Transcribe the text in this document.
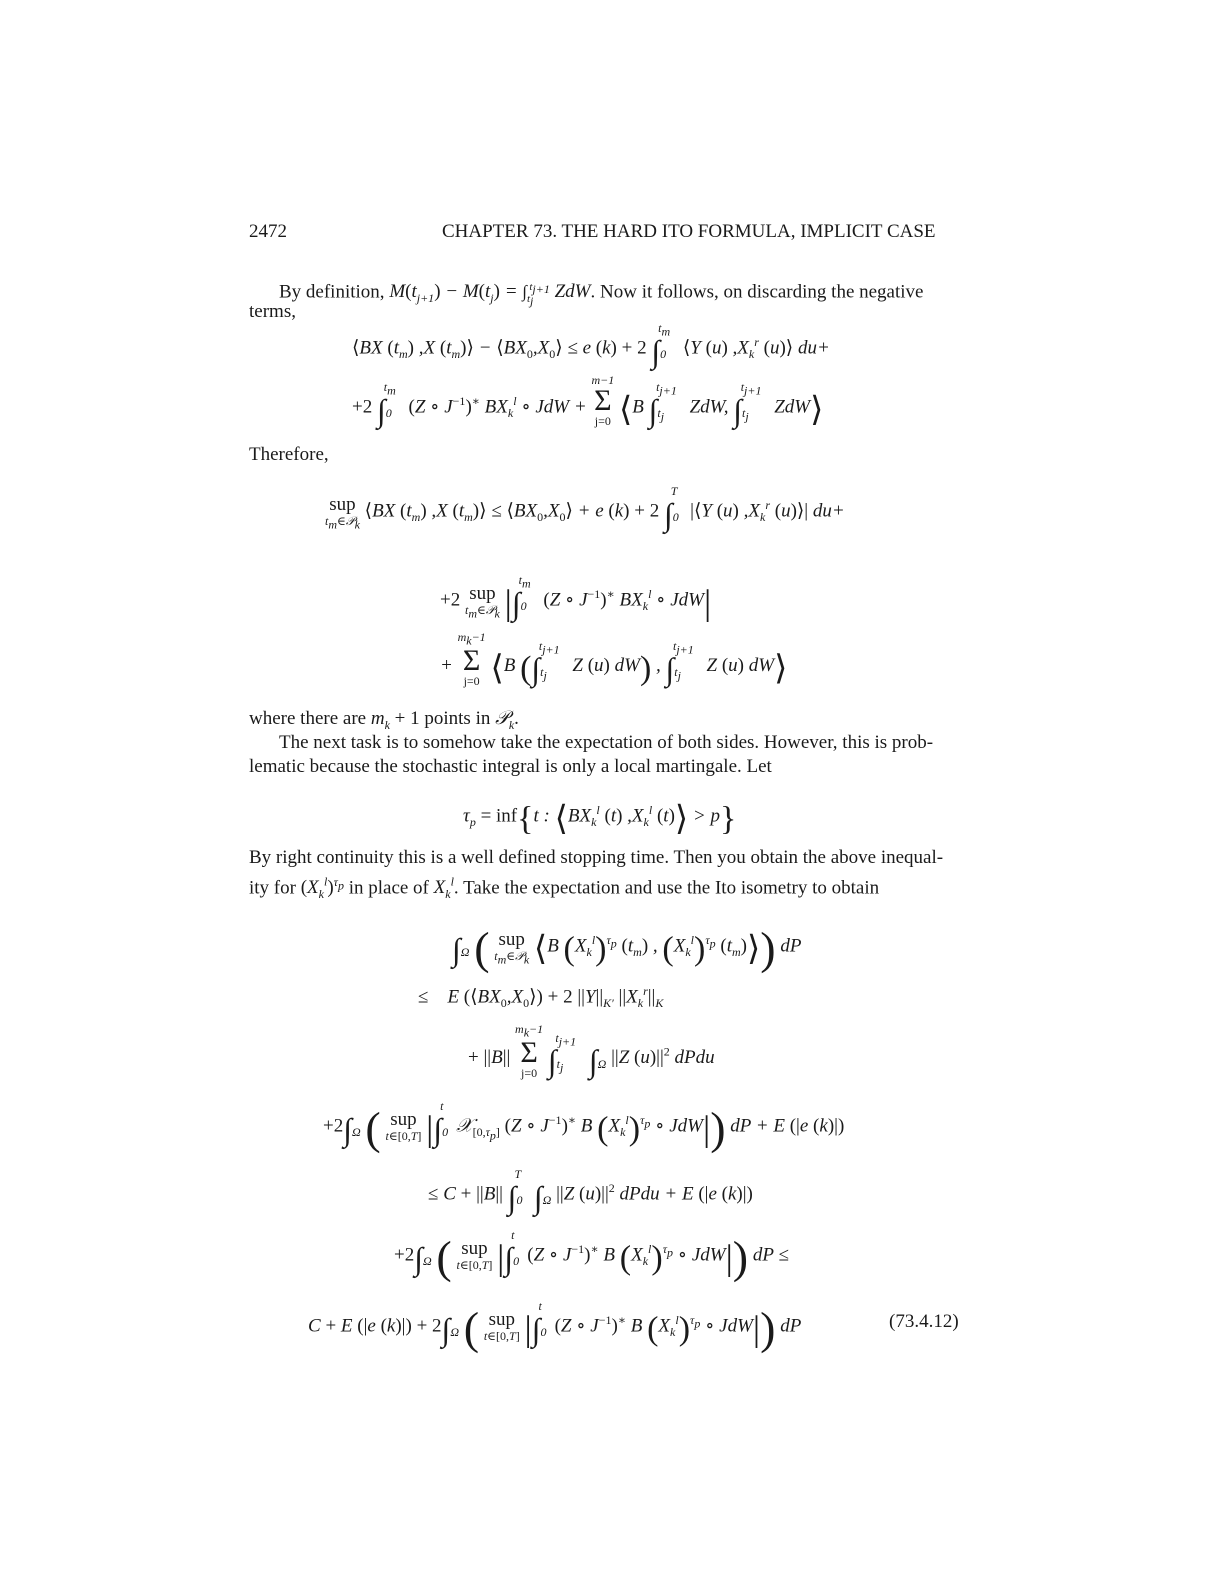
2472	CHAPTER 73. THE HARD ITO FORMULA, IMPLICIT CASE
By definition, $M(t_{j+1}) - M(t_j) = \int_{t_j}^{t_{j+1}}$ ZdW. Now it follows, on discarding the negative
terms,
⟨BX $(t_m)$ ,X $(t_m)⟩$ − $⟨BX_0,X_0⟩ \le e$ (k) + 2 $\int_0^{t_m}$ ⟨Y (u) $,X_k^r$ (u)⟩ du+
+2 $\int_0^{t_m}$ (Z ∘ $J^{-1})^∗$ $BX_k^l$ ∘ JdW +
m−1
Σ
j=0 ⟨B $\int_{t_j}^{t_{j+1}}$ ZdW, $\int_{t_j}^{t_{j+1}}$ ZdW⟩
Therefore,
sup
$t_m\in 𝒫_k$
⟨BX $(t_m)$ ,X $(t_m)⟩$ ≤ $⟨BX_0,X_0⟩ + e$ (k) + 2 $\int_0^T$ |⟨Y (u) $,X_k^r$ (u)⟩| du+
+2 sup
$t_m\in 𝒫_k$ $|\int_0^{t_m}$ (Z ∘ $J^{-1})^∗$ $BX_k^l$ ∘ JdW|
+
$m_k-1$
Σ
j=0 ⟨B ($\int_{t_j}^{t_{j+1}}$ Z (u) dW) , $\int_{t_j}^{t_{j+1}}$ Z (u) dW⟩
where there are $m_k + 1$ points in 𝒫$_k$.
The next task is to somehow take the expectation of both sides. However, this is prob-
lematic because the stochastic integral is only a local martingale. Let
$\tau_p = inf\{t$ : $⟨BX_k^l$ (t) $,X_k^l$ (t)⟩ > p}
By right continuity this is a well defined stopping time. Then you obtain the above inequal-
ity for $(X_k^l)^{\tau_p}$ in place of $X_k^l$. Take the expectation and use the Ito isometry to obtain
$\int_\Omega$ ( sup
$t_m\in 𝒫_k$ ⟨B $(X_k^l)^{\tau_p}$ $(t_m)$ , $(X_k^l)^{\tau_p}$ $(t_m)⟩$) dP
≤    E $(⟨BX_0,X_0⟩) + 2$ $||Y||_{K'}$ $||X_k^r||_K$
+ ||B||
$m_k-1$
Σ
j=0 $\int_{t_j}^{t_{j+1}}$ $\int_\Omega$ ||Z $(u)||^2$ dPdu
$+2\int_\Omega$ ( sup
t∈[0,T] $|\int_0^t$ 𝒳$_{[0,\tau_p]}$ (Z ∘ $J^{-1})^∗$ B $(X_k^l)^{\tau_p}$ ∘ JdW|) dP + E (|e (k)|)
≤ C + ||B|| $\int_0^T$ $\int_\Omega$ ||Z $(u)||^2$ dPdu + E (|e (k)|)
$+2\int_\Omega$ ( sup
t∈[0,T] $|\int_0^t$ (Z ∘ $J^{-1})^∗$ B $(X_k^l)^{\tau_p}$ ∘ JdW|) dP ≤
C + E (|e $(k)|) + 2\int_\Omega$ ( sup
t∈[0,T] $|\int_0^t$ (Z ∘ $J^{-1})^∗$ B $(X_k^l)^{\tau_p}$ ∘ JdW|) dP	(73.4.12)
